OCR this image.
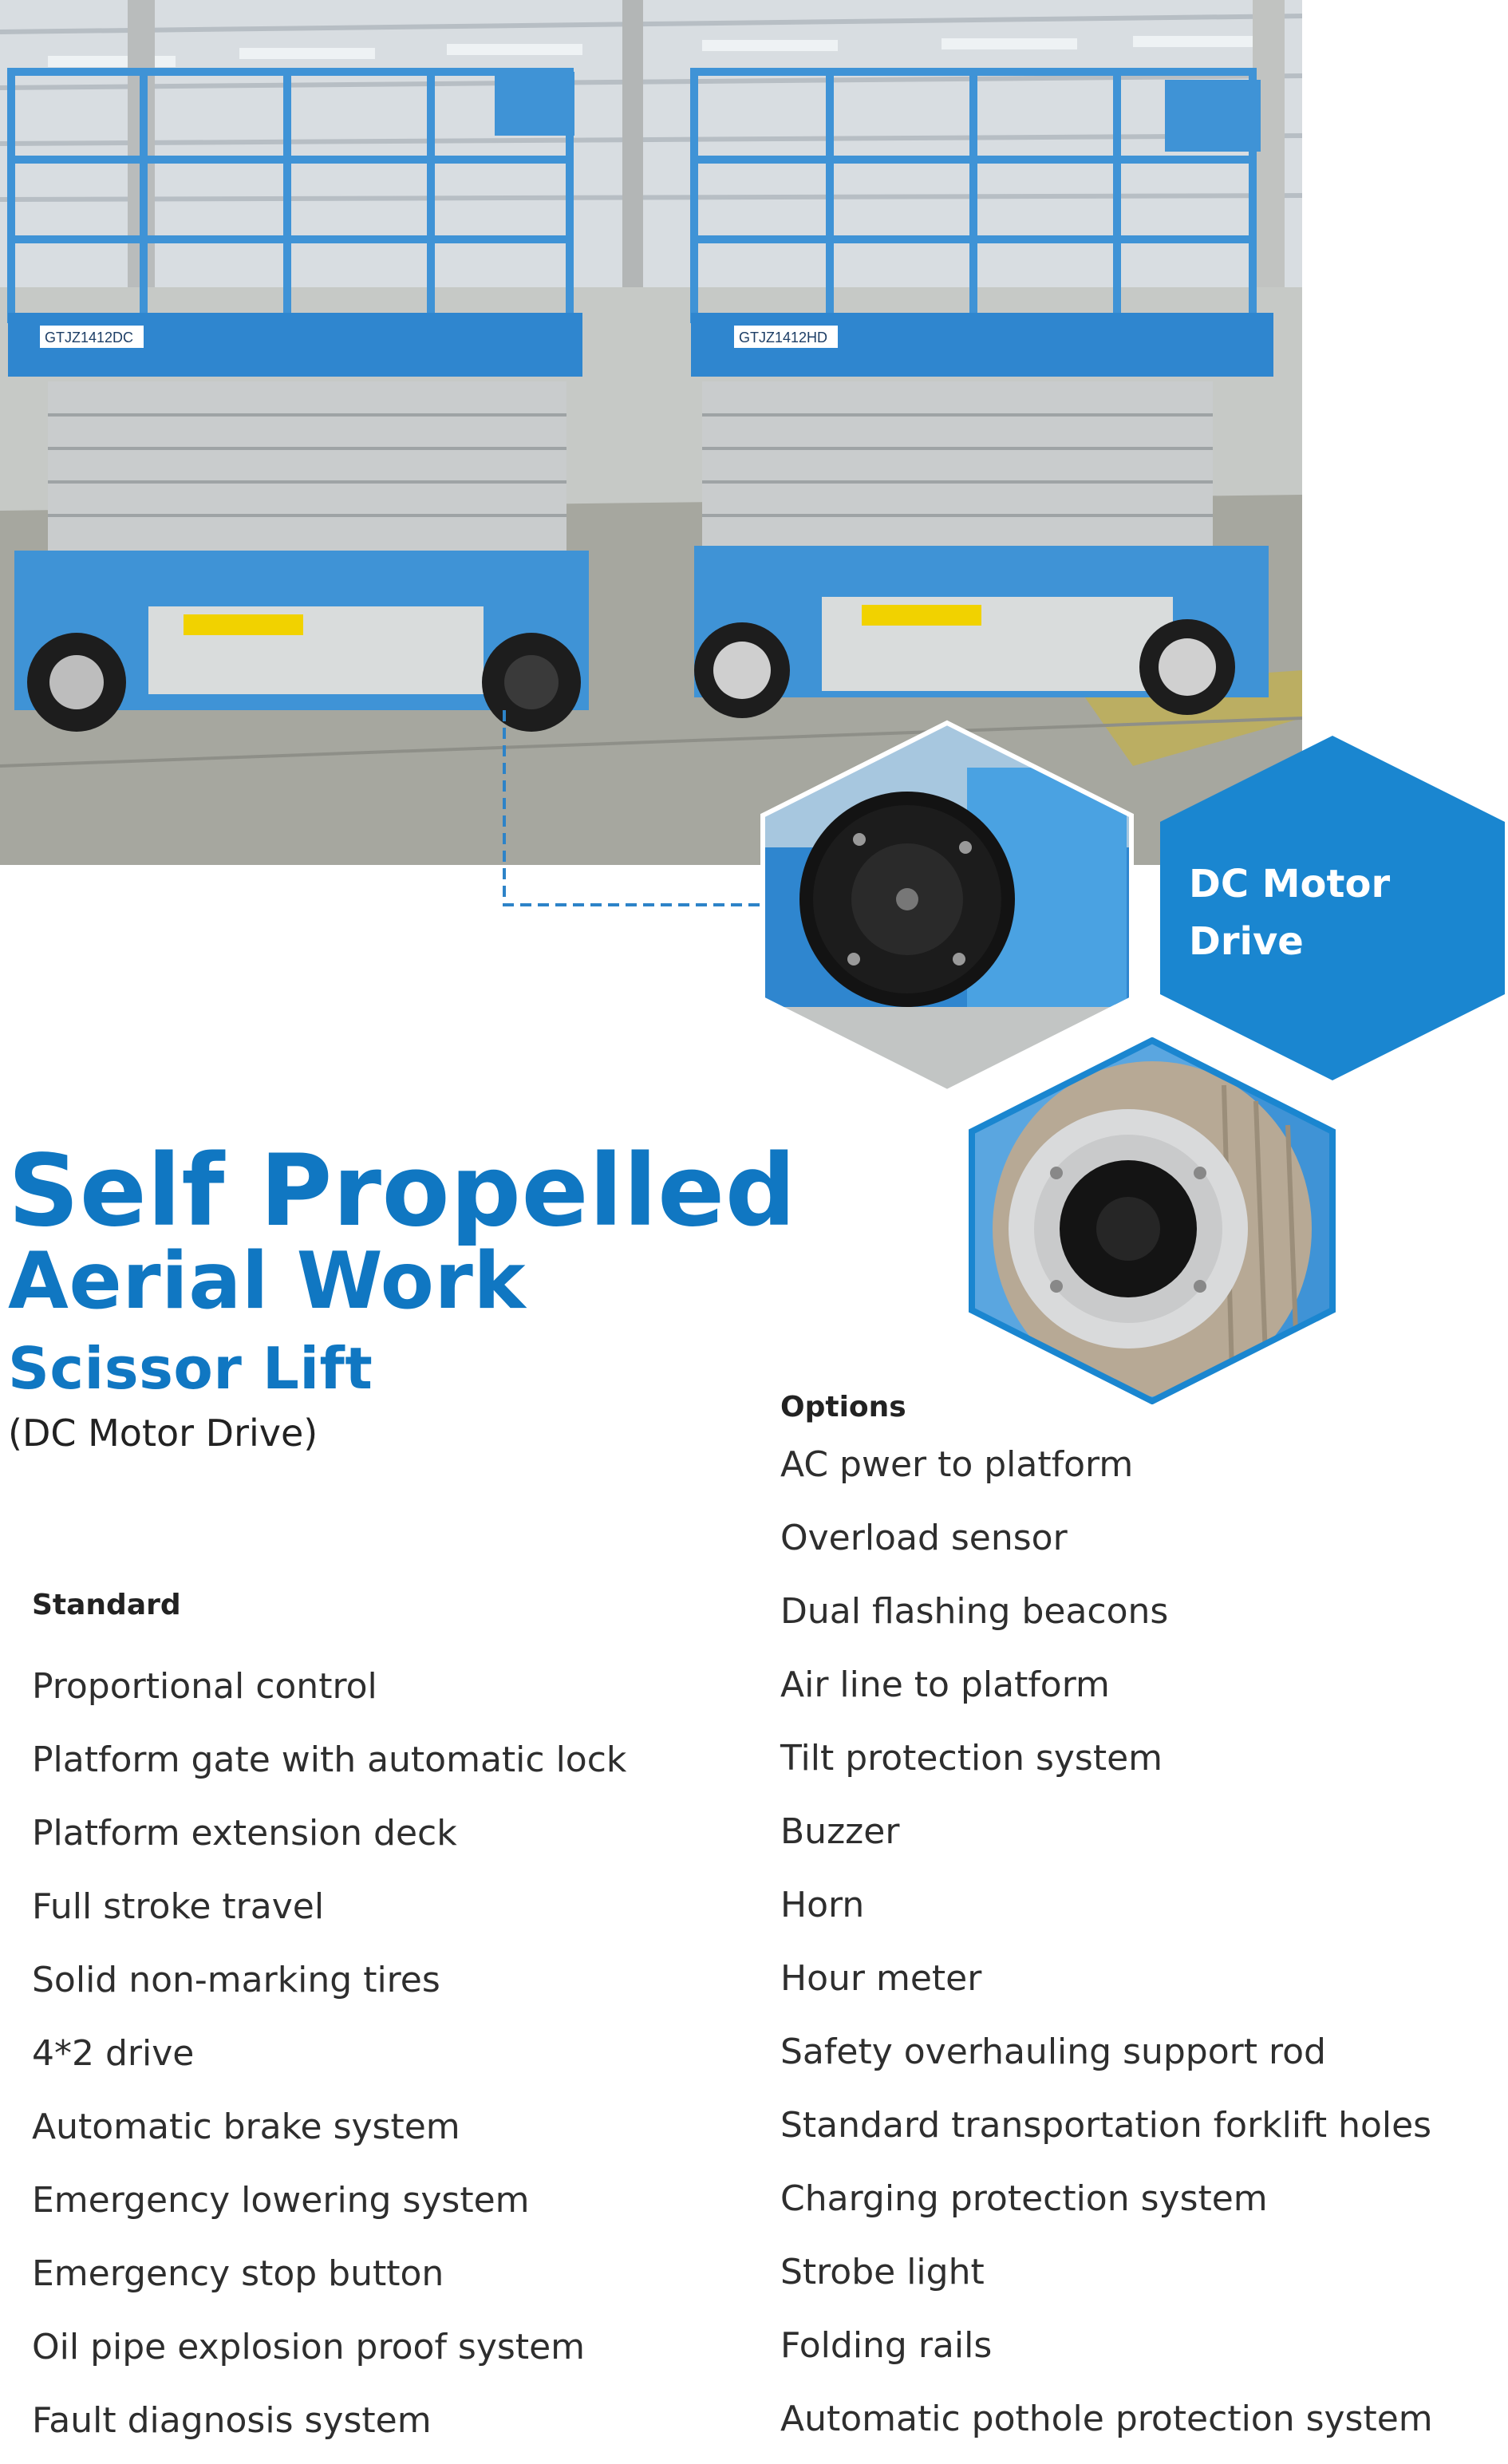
GTJZ1412DC	GTJZ1412HD
DC Motor Drive
Self Propelled
Aerial Work
Scissor Lift

(DC Motor Drive)

Options
AC pwer to platform
Overload sensor
Dual flashing beacons
Air line to platform
Tilt protection system
Buzzer
Horn
Hour meter
Safety overhauling support rod
Standard transportation forklift holes
Charging protection system
Strobe light
Folding rails
Automatic pothole protection system
Standard
Proportional control
Platform gate with automatic lock
Platform extension deck
Full stroke travel
Solid non-marking tires
4*2 drive
Automatic brake system
Emergency lowering system
Emergency stop button
Oil pipe explosion proof system
Fault diagnosis system
